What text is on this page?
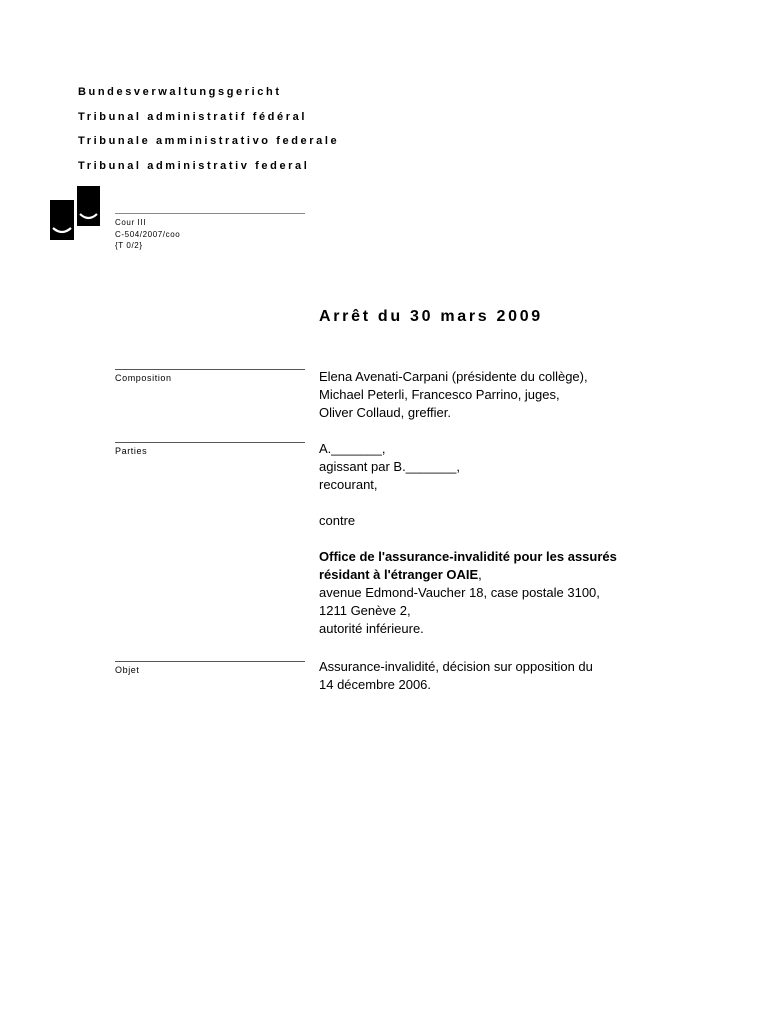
Bundesverwaltungsgericht
Tribunal administratif fédéral
Tribunale amministrativo federale
Tribunal administrativ federal
Cour III
C-504/2007/coo
{T 0/2}
Arrêt du 30 mars 2009
Composition	Elena Avenati-Carpani (présidente du collège),
Michael Peterli, Francesco Parrino, juges,
Oliver Collaud, greffier.
Parties	A._______,
agissant par B._______,
recourant,
contre
Office de l'assurance-invalidité pour les assurés
résidant à l'étranger OAIE,
avenue Edmond-Vaucher 18, case postale 3100,
1211 Genève 2,
autorité inférieure.
Objet	Assurance-invalidité, décision sur opposition du
14 décembre 2006.
